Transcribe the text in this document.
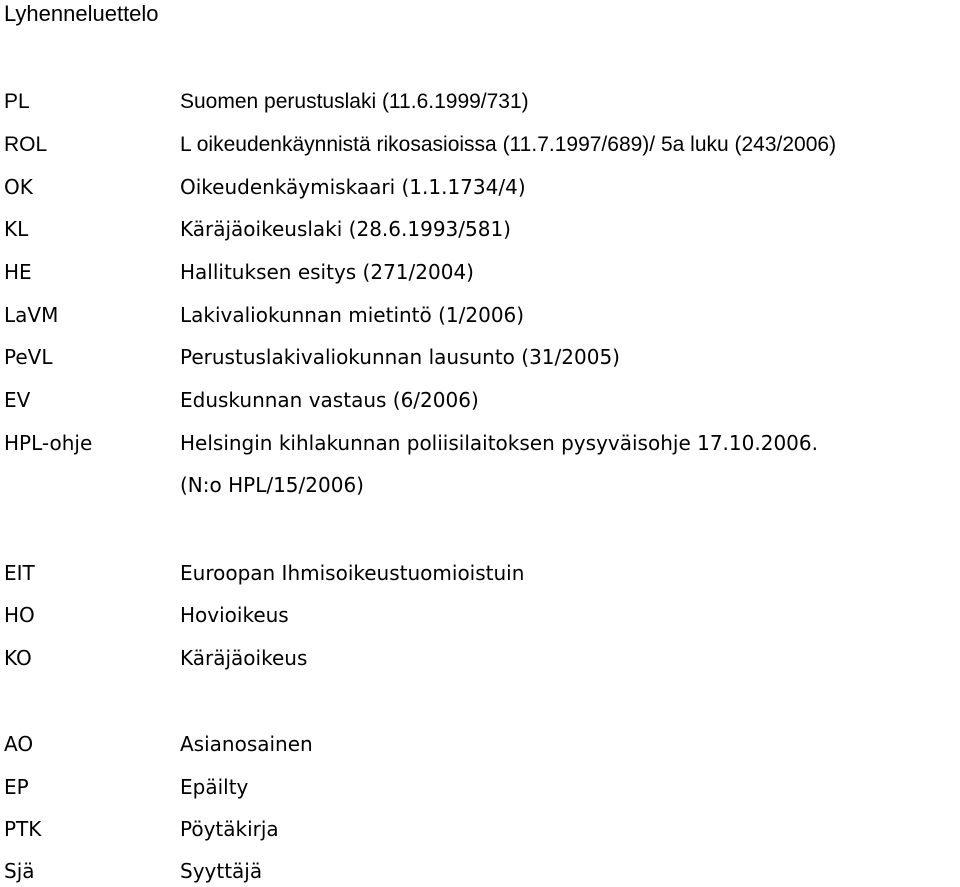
Lyhenneluettelo
PL	Suomen perustuslaki (11.6.1999/731)
ROL	L oikeudenkäynnistä rikosasioissa (11.7.1997/689)/ 5a luku (243/2006)
OK	Oikeudenkäymiskaari (1.1.1734/4)
KL	Käräjäoikeuslaki (28.6.1993/581)
HE	Hallituksen esitys (271/2004)
LaVM	Lakivaliokunnan mietintö (1/2006)
PeVL	Perustuslakivaliokunnan lausunto (31/2005)
EV	Eduskunnan vastaus (6/2006)
HPL-ohje	Helsingin kihlakunnan poliisilaitoksen pysyväisohje 17.10.2006.
(N:o HPL/15/2006)
EIT	Euroopan Ihmisoikeustuomioistuin
HO	Hovioikeus
KO	Käräjäoikeus
AO	Asianosainen
EP	Epäilty
PTK	Pöytäkirja
Sjä	Syyttäjä
